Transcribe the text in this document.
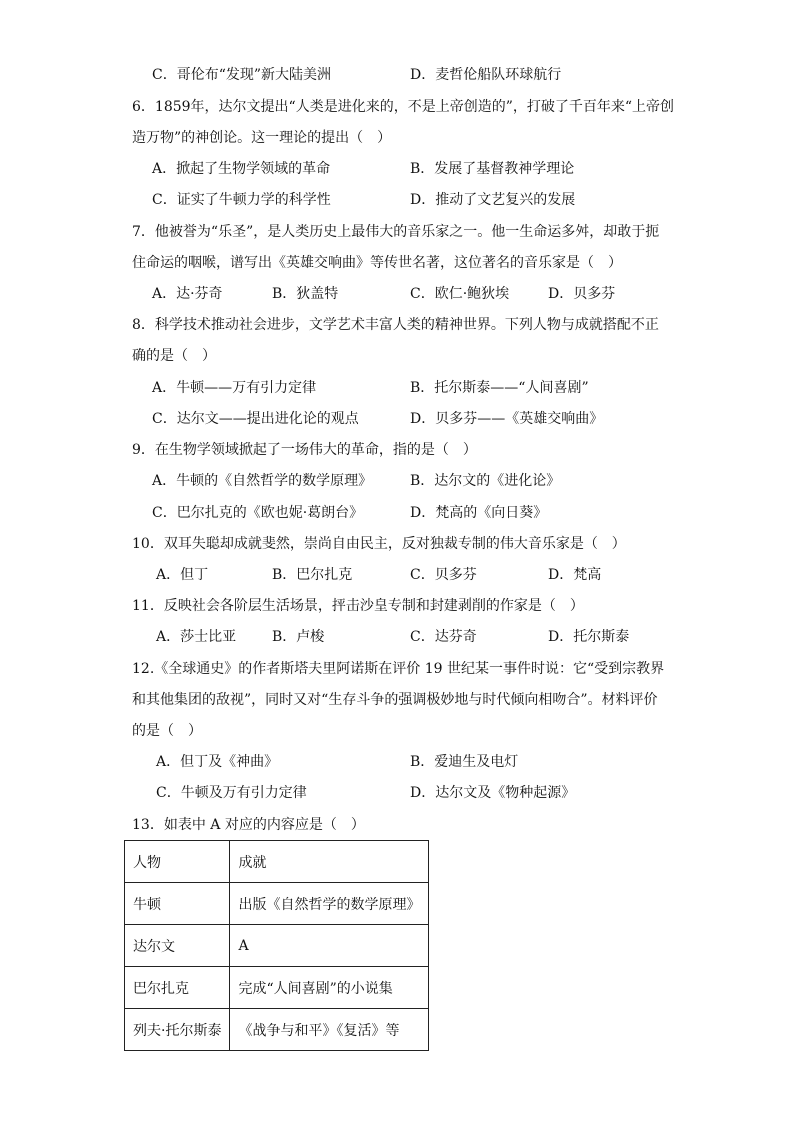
C．哥伦布“发现”新大陆美洲	D．麦哲伦船队环球航行
6．1859年，达尔文提出“人类是进化来的，不是上帝创造的”，打破了千百年来“上帝创
造万物”的神创论。这一理论的提出（　）
A．掀起了生物学领域的革命	B．发展了基督教神学理论
C．证实了牛顿力学的科学性	D．推动了文艺复兴的发展
7．他被誉为“乐圣”，是人类历史上最伟大的音乐家之一。他一生命运多舛，却敢于扼
住命运的咽喉，谱写出《英雄交响曲》等传世名著，这位著名的音乐家是（　）
A．达·芬奇	B．狄盖特	C．欧仁·鲍狄埃	D．贝多芬
8．科学技术推动社会进步，文学艺术丰富人类的精神世界。下列人物与成就搭配不正
确的是（　）
A．牛顿——万有引力定律	B．托尔斯泰——“人间喜剧”
C．达尔文——提出进化论的观点	D．贝多芬——《英雄交响曲》
9．在生物学领域掀起了一场伟大的革命，指的是（　）
A．牛顿的《自然哲学的数学原理》	B．达尔文的《进化论》
C．巴尔扎克的《欧也妮·葛朗台》	D．梵高的《向日葵》
10．双耳失聪却成就斐然，崇尚自由民主，反对独裁专制的伟大音乐家是（　）
A．但丁	B．巴尔扎克	C．贝多芬	D．梵高
11．反映社会各阶层生活场景，抨击沙皇专制和封建剥削的作家是（　）
A．莎士比亚	B．卢梭	C．达芬奇	D．托尔斯泰
12.《全球通史》的作者斯塔夫里阿诺斯在评价 19 世纪某一事件时说：它“受到宗教界
和其他集团的敌视”，同时又对“生存斗争的强调极妙地与时代倾向相吻合”。材料评价
的是（　）
A．但丁及《神曲》	B．爱迪生及电灯
C．牛顿及万有引力定律	D．达尔文及《物种起源》
13．如表中 A 对应的内容应是（　）
人物	成就
牛顿	出版《自然哲学的数学原理》
达尔文	A
巴尔扎克	完成“人间喜剧”的小说集
列夫·托尔斯泰	《战争与和平》《复活》等
